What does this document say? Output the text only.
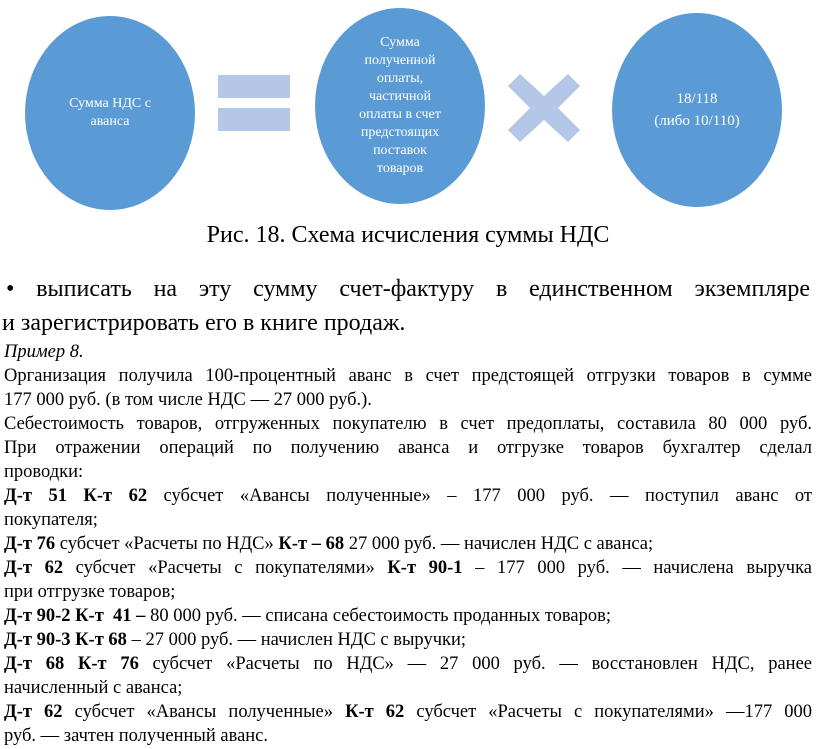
Сумма НДС с аванса
Сумма
полученной
оплаты,
частичной
оплаты в счет
предстоящих
поставок
товаров
18/118
(либо 10/110)
Рис. 18. Схема исчисления суммы НДС
• выписать на эту сумму счет-фактуру в единственном экземпляре
и зарегистрировать его в книге продаж.
Пример 8.
Организация получила 100-процентный аванс в счет предстоящей отгрузки товаров в сумме
177 000 руб. (в том числе НДС — 27 000 руб.).
Себестоимость товаров, отгруженных покупателю в счет предоплаты, составила 80 000 руб.
При отражении операций по получению аванса и отгрузке товаров бухгалтер сделал
проводки:
Д-т 51 К-т 62 субсчет «Авансы полученные» – 177 000 руб. — поступил аванс от
покупателя;
Д-т 76 субсчет «Расчеты по НДС» К-т – 68 27 000 руб. — начислен НДС с аванса;
Д-т 62 субсчет «Расчеты с покупателями» К-т 90-1 – 177 000 руб. — начислена выручка
при отгрузке товаров;
Д-т 90-2 К-т  41 – 80 000 руб. — списана себестоимость проданных товаров;
Д-т 90-3 К-т 68 – 27 000 руб. — начислен НДС с выручки;
Д-т 68 К-т 76 субсчет «Расчеты по НДС» — 27 000 руб. — восстановлен НДС, ранее
начисленный с аванса;
Д-т 62 субсчет «Авансы полученные» К-т 62 субсчет «Расчеты с покупателями» —177 000
руб. — зачтен полученный аванс.
